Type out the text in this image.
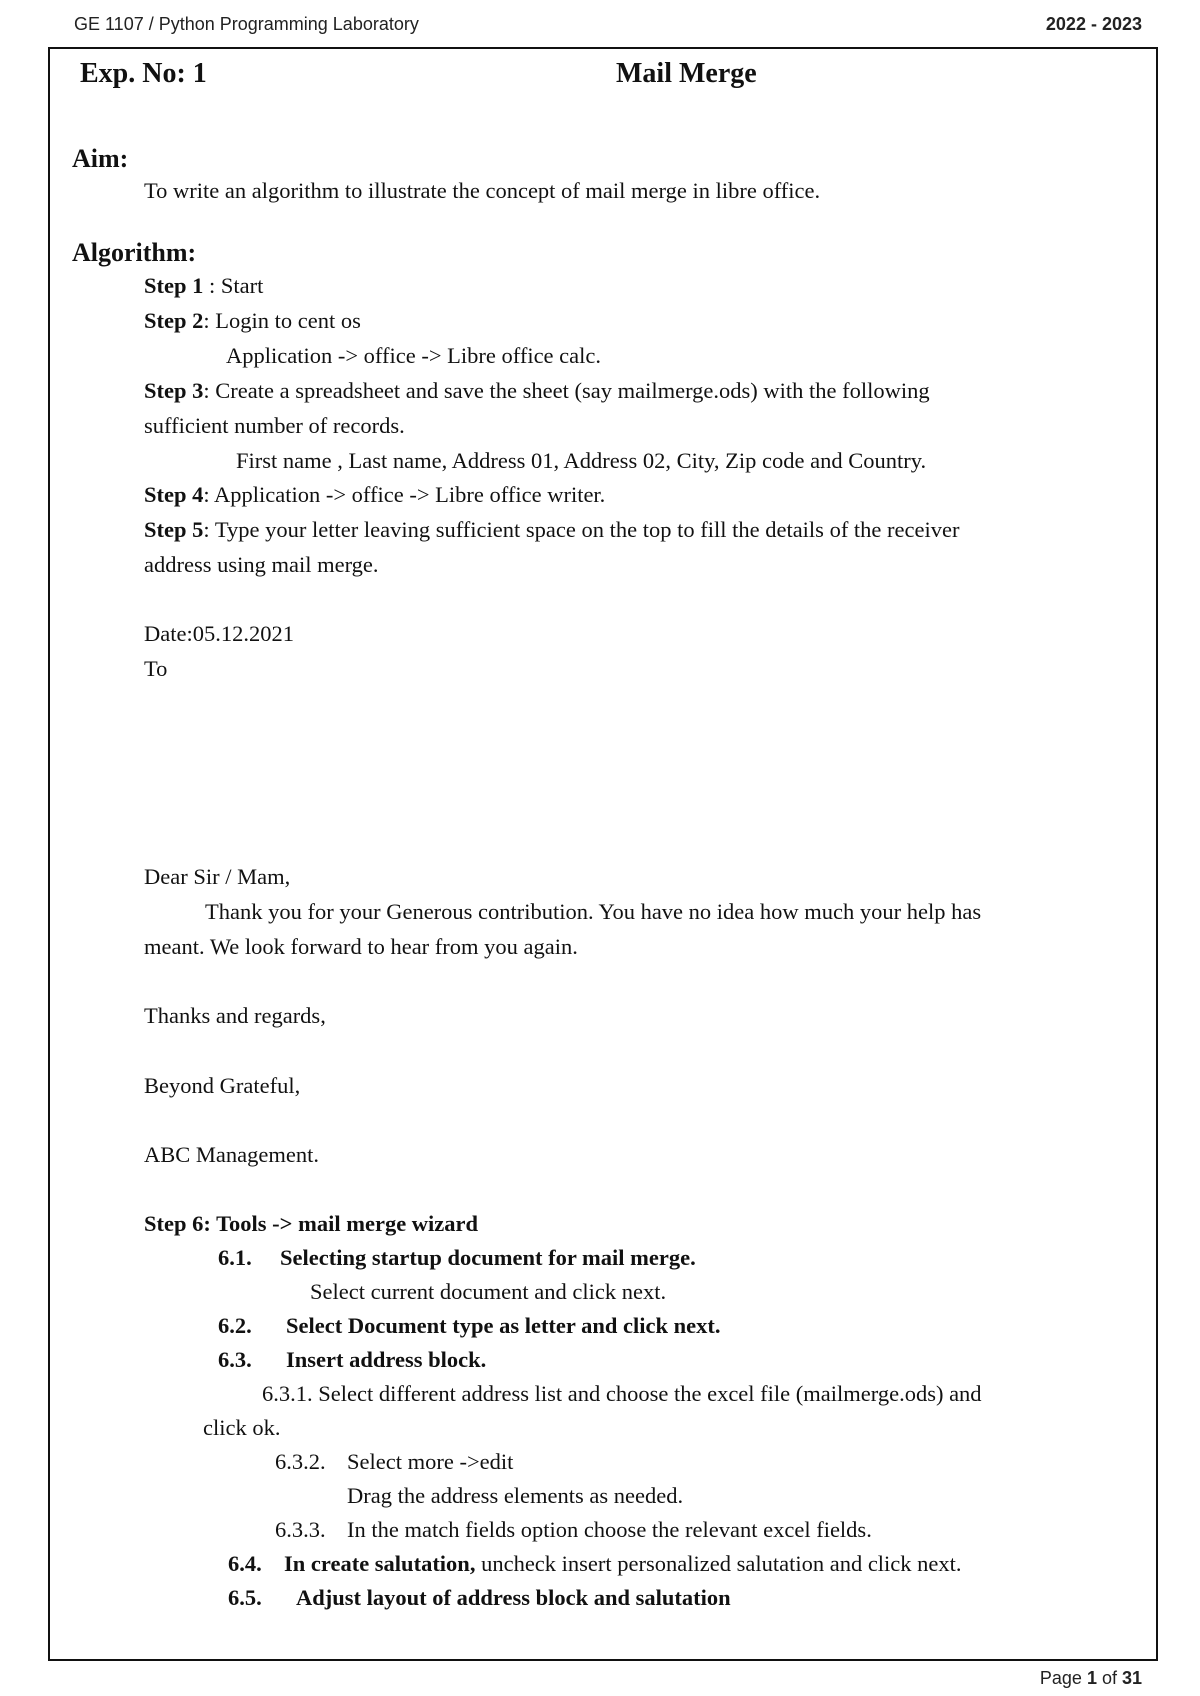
GE 1107 / Python Programming Laboratory	2022 - 2023
Exp. No: 1	Mail Merge
Aim:
To write an algorithm to illustrate the concept of mail merge in libre office.
Algorithm:
Step 1 : Start
Step 2: Login to cent os
Application -> office -> Libre office calc.
Step 3: Create a spreadsheet and save the sheet (say mailmerge.ods) with the following
sufficient number of records.
First name , Last name, Address 01, Address 02, City, Zip code and Country.
Step 4: Application -> office -> Libre office writer.
Step 5: Type your letter leaving sufficient space on the top to fill the details of the receiver
address using mail merge.
Date:05.12.2021
To
Dear Sir / Mam,
Thank you for your Generous contribution. You have no idea how much your help has
meant. We look forward to hear from you again.
Thanks and regards,
Beyond Grateful,
ABC Management.
Step 6: Tools -> mail merge wizard
6.1. Selecting startup document for mail merge.
Select current document and click next.
6.2. Select Document type as letter and click next.
6.3. Insert address block.
6.3.1. Select different address list and choose the excel file (mailmerge.ods) and
click ok.
6.3.2. Select more ->edit
Drag the address elements as needed.
6.3.3. In the match fields option choose the relevant excel fields.
6.4. In create salutation, uncheck insert personalized salutation and click next.
6.5. Adjust layout of address block and salutation
Page 1 of 31
